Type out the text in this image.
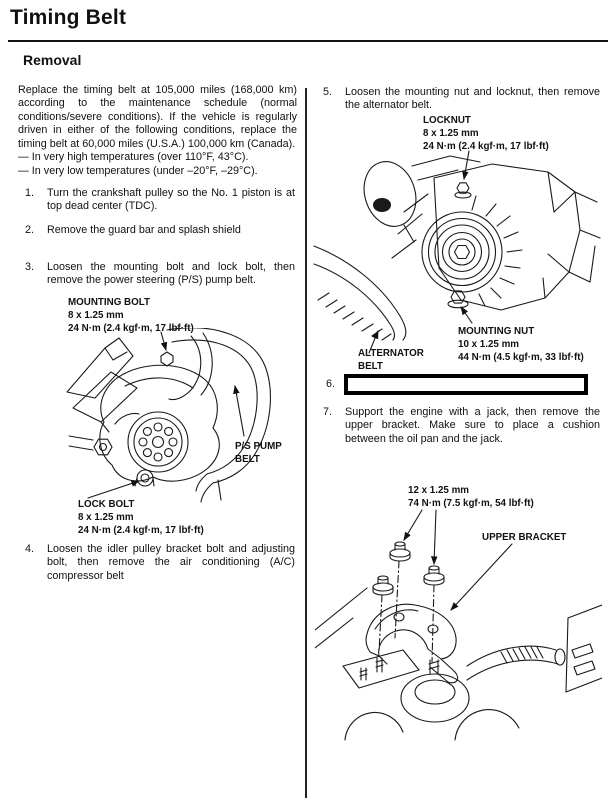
Timing Belt
Removal
Replace the timing belt at 105,000 miles (168,000 km) according to the maintenance schedule (normal conditions/severe conditions). If the vehicle is regularly driven in either of the following conditions, replace the timing belt at 60,000 miles (U.S.A.) 100,000 km (Canada).
— In very high temperatures (over 110°F, 43°C).
— In very low temperatures (under –20°F, –29°C).
1.	Turn the crankshaft pulley so the No. 1 piston is at top dead center (TDC).
2.	Remove the guard bar and splash shield
3.	Loosen the mounting bolt and lock bolt, then remove the power steering (P/S) pump belt.
4.	Loosen the idler pulley bracket bolt and adjusting bolt, then remove the air conditioning (A/C) compressor belt
MOUNTING BOLT
8 x 1.25 mm
24 N·m (2.4 kgf·m, 17 lbf·ft)
P/S PUMP
BELT
LOCK BOLT
8 x 1.25 mm
24 N·m (2.4 kgf·m, 17 lbf·ft)
5.	Loosen the mounting nut and locknut, then remove the alternator belt.
6.
7.	Support the engine with a jack, then remove the upper bracket. Make sure to place a cushion between the oil pan and the jack.
LOCKNUT
8 x 1.25 mm
24 N·m (2.4 kgf·m, 17 lbf·ft)
MOUNTING NUT
10 x 1.25 mm
44 N·m (4.5 kgf·m, 33 lbf·ft)
ALTERNATOR
BELT
12 x 1.25 mm
74 N·m (7.5 kgf·m, 54 lbf·ft)
UPPER BRACKET
